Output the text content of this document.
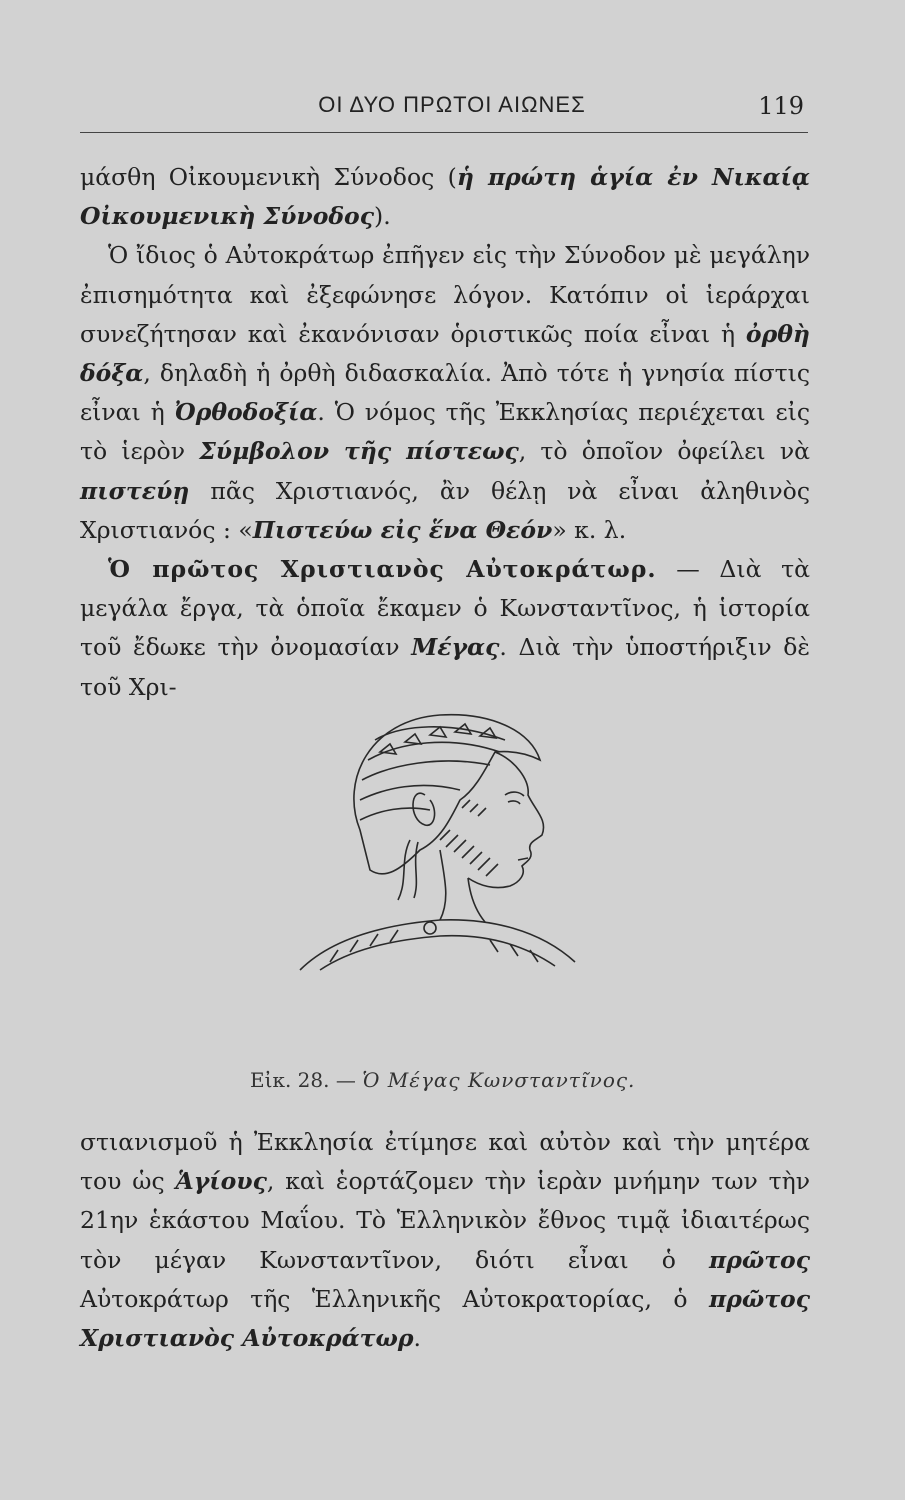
ΟΙ ΔΥΟ ΠΡΩΤΟΙ ΑΙΩΝΕΣ	119

μάσθη Οἰκουμενικὴ Σύνοδος (ἡ πρώτη ἁγία ἐν Νικαίᾳ Οἰκουμενικὴ Σύνοδος).

Ὁ ἴδιος ὁ Αὐτοκράτωρ ἐπῆγεν εἰς τὴν Σύνοδον μὲ μεγάλην ἐπισημότητα καὶ ἐξεφώνησε λόγον. Κατόπιν οἱ ἱεράρχαι συνεζήτησαν καὶ ἐκανόνισαν ὁριστικῶς ποία εἶναι ἡ ὀρθὴ δόξα, δηλαδὴ ἡ ὀρθὴ διδασκαλία. Ἀπὸ τότε ἡ γνησία πίστις εἶναι ἡ Ὀρθοδοξία. Ὁ νόμος τῆς Ἐκκλησίας περιέχεται εἰς τὸ ἱερὸν Σύμβολον τῆς πίστεως, τὸ ὁποῖον ὀφείλει νὰ πιστεύῃ πᾶς Χριστιανός, ἂν θέλῃ νὰ εἶναι ἀληθινὸς Χριστιανός : «Πιστεύω εἰς ἕνα Θεόν» κ. λ.

Ὁ πρῶτος Χριστιανὸς Αὐτοκράτωρ. — Διὰ τὰ μεγάλα ἔργα, τὰ ὁποῖα ἔκαμεν ὁ Κωνσταντῖνος, ἡ ἱστορία τοῦ ἔδωκε τὴν ὀνομασίαν Μέγας. Διὰ τὴν ὑποστήριξιν δὲ τοῦ Χρι-

Εἰκ. 28. — Ὁ Μέγας Κωνσταντῖνος.

στιανισμοῦ ἡ Ἐκκλησία ἐτίμησε καὶ αὐτὸν καὶ τὴν μητέρα του ὡς Ἁγίους, καὶ ἑορτάζομεν τὴν ἱερὰν μνήμην των τὴν 21ην ἑκάστου Μαΐου. Τὸ Ἑλληνικὸν ἔθνος τιμᾷ ἰδιαιτέρως τὸν μέγαν Κωνσταντῖνον, διότι εἶναι ὁ πρῶτος Αὐτοκράτωρ τῆς Ἑλληνικῆς Αὐτοκρατορίας, ὁ πρῶτος Χριστιανὸς Αὐτοκράτωρ.
